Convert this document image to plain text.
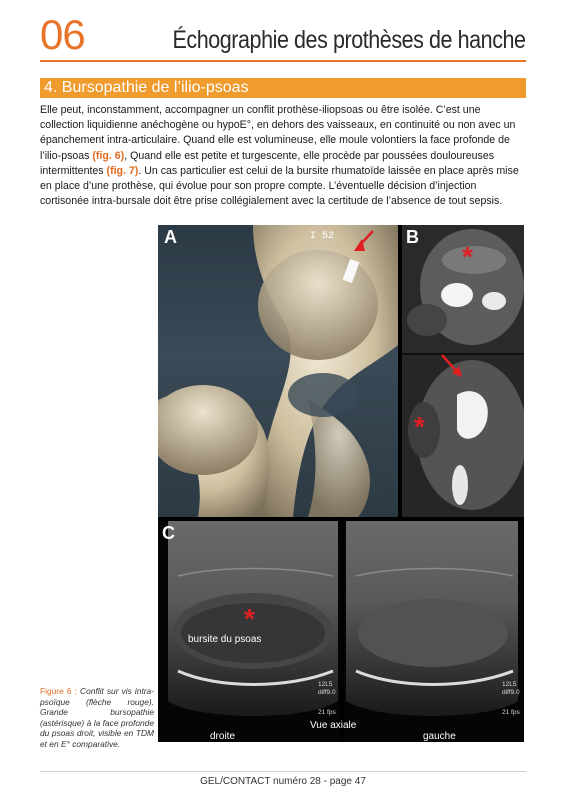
06	Échographie des prothèses de hanche
4. Bursopathie de l’ilio-psoas

Elle peut, inconstamment, accompagner un conflit prothèse-iliopsoas ou être isolée. C’est une collection liquidienne anéchogène ou hypoE°, en dehors des vaisseaux, en continuité ou non avec un épanchement intra-articulaire. Quand elle est volumineuse, elle moule volontiers la face profonde de l’ilio-psoas (fig. 6), Quand elle est petite et turgescente, elle procède par poussées douloureuses intermittentes (fig. 7). Un cas particulier est celui de la bursite rhumatoïde laissée en place après mise en place d’une prothèse, qui évolue pour son propre compte. L’éventuelle décision d’injection cortisonée intra-bursale doit être prise collégialement avec la certitude de l’absence de tout sepsis.

A	I 52	B
*
*
C
*
bursite du psoas
Vue axiale
droite	gauche
12L5
diff9.0
21 fps
12L5
diff9.0
21 fps
Figure 6 : Conflit sur vis intra-psoïque (flèche rouge). Grande bursopathie (astérisque) à la face profonde du psoas droit, visible en TDM et en E° comparative.
GEL/CONTACT numéro 28 - page 47
